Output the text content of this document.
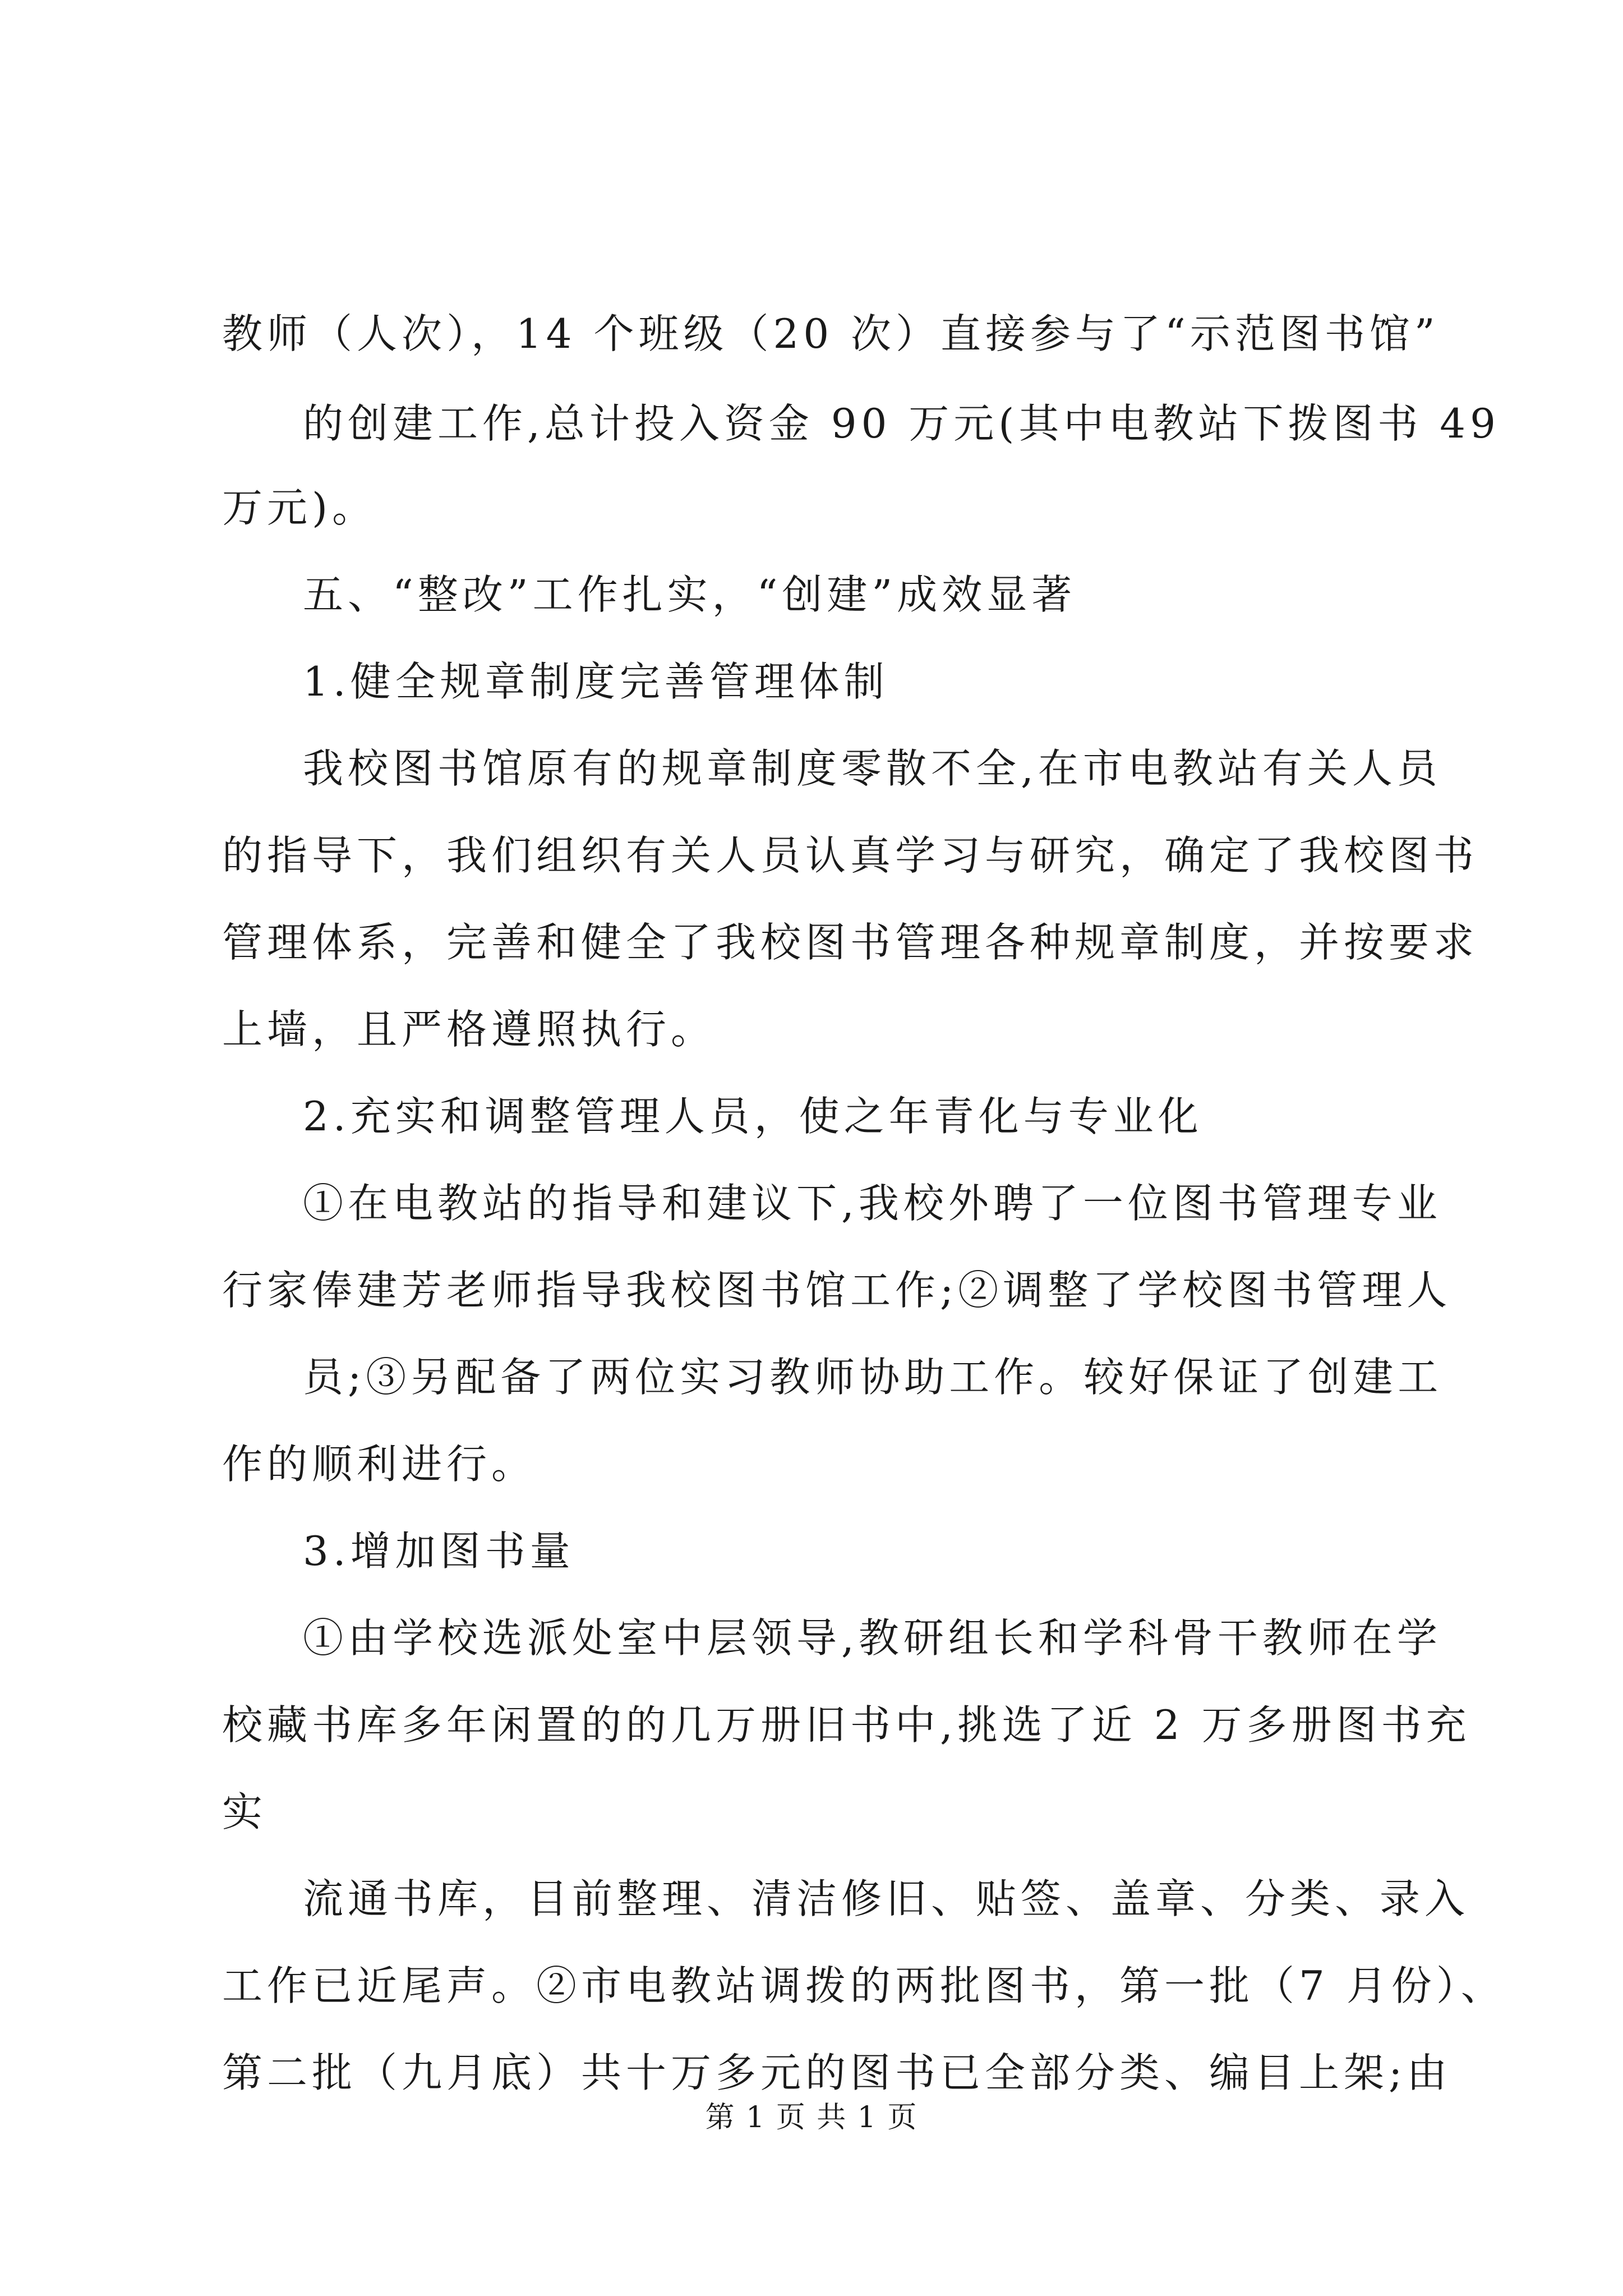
教师（人次），14 个班级（20 次）直接参与了“示范图书馆”
的创建工作,总计投入资金 90 万元(其中电教站下拨图书 49
万元)。
五、“整改”工作扎实，“创建”成效显著
1.健全规章制度完善管理体制
我校图书馆原有的规章制度零散不全,在市电教站有关人员
的指导下，我们组织有关人员认真学习与研究，确定了我校图书
管理体系，完善和健全了我校图书管理各种规章制度，并按要求
上墙，且严格遵照执行。
2.充实和调整管理人员，使之年青化与专业化
①在电教站的指导和建议下,我校外聘了一位图书管理专业
行家俸建芳老师指导我校图书馆工作;②调整了学校图书管理人
员;③另配备了两位实习教师协助工作。较好保证了创建工
作的顺利进行。
3.增加图书量
①由学校选派处室中层领导,教研组长和学科骨干教师在学
校藏书库多年闲置的的几万册旧书中,挑选了近 2 万多册图书充
实
流通书库，目前整理、清洁修旧、贴签、盖章、分类、录入
工作已近尾声。②市电教站调拨的两批图书，第一批（7 月份）、
第二批（九月底）共十万多元的图书已全部分类、编目上架;由
第 1 页 共 1 页
